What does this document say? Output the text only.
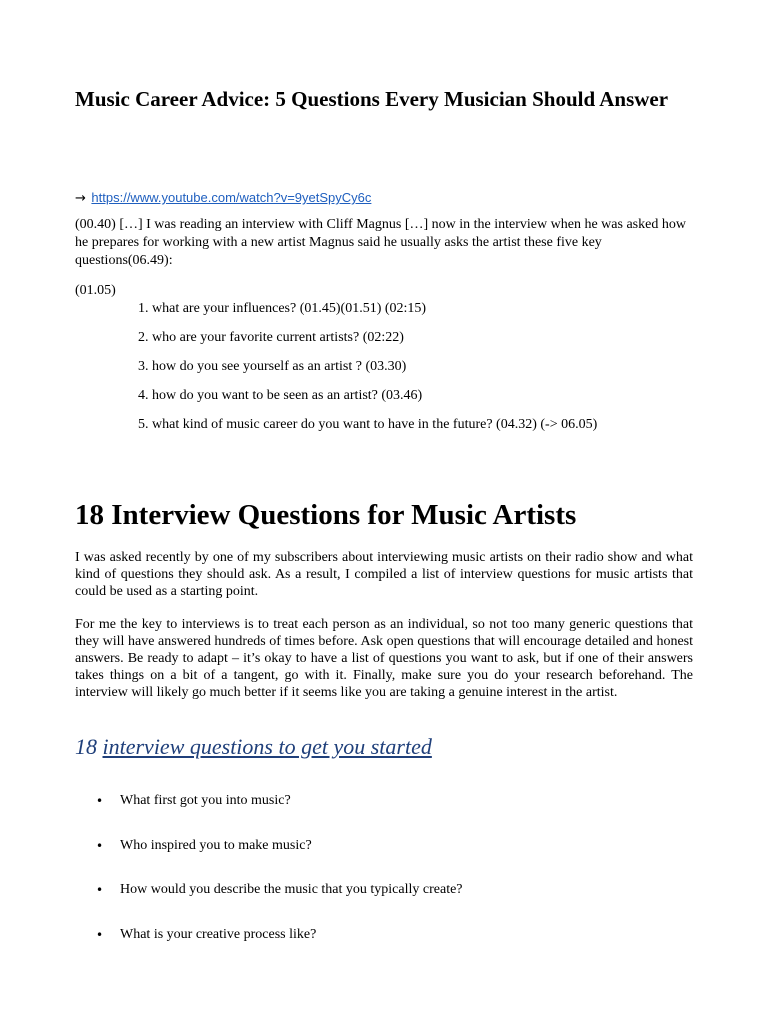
Music Career Advice: 5 Questions Every Musician Should Answer
→ https://www.youtube.com/watch?v=9yetSpyCy6c

(00.40) […] I was reading an interview with Cliff Magnus […] now in the interview when he was asked how he prepares for working with a new artist Magnus said he usually asks the artist these five key questions(06.49):

(01.05)
1. what are your influences? (01.45)(01.51) (02:15)
2. who are your favorite current artists? (02:22)
3. how do you see yourself as an artist ? (03.30)
4. how do you want to be seen as an artist? (03.46)
5. what kind of music career do you want to have in the future? (04.32) (-> 06.05)
18 Interview Questions for Music Artists

I was asked recently by one of my subscribers about interviewing music artists on their radio show and what kind of questions they should ask. As a result, I compiled a list of interview questions for music artists that could be used as a starting point.

For me the key to interviews is to treat each person as an individual, so not too many generic questions that they will have answered hundreds of times before. Ask open questions that will encourage detailed and honest answers. Be ready to adapt – it’s okay to have a list of questions you want to ask, but if one of their answers takes things on a bit of a tangent, go with it. Finally, make sure you do your research beforehand. The interview will likely go much better if it seems like you are taking a genuine interest in the artist.

18 interview questions to get you started
• What first got you into music?
• Who inspired you to make music?
• How would you describe the music that you typically create?
• What is your creative process like?
